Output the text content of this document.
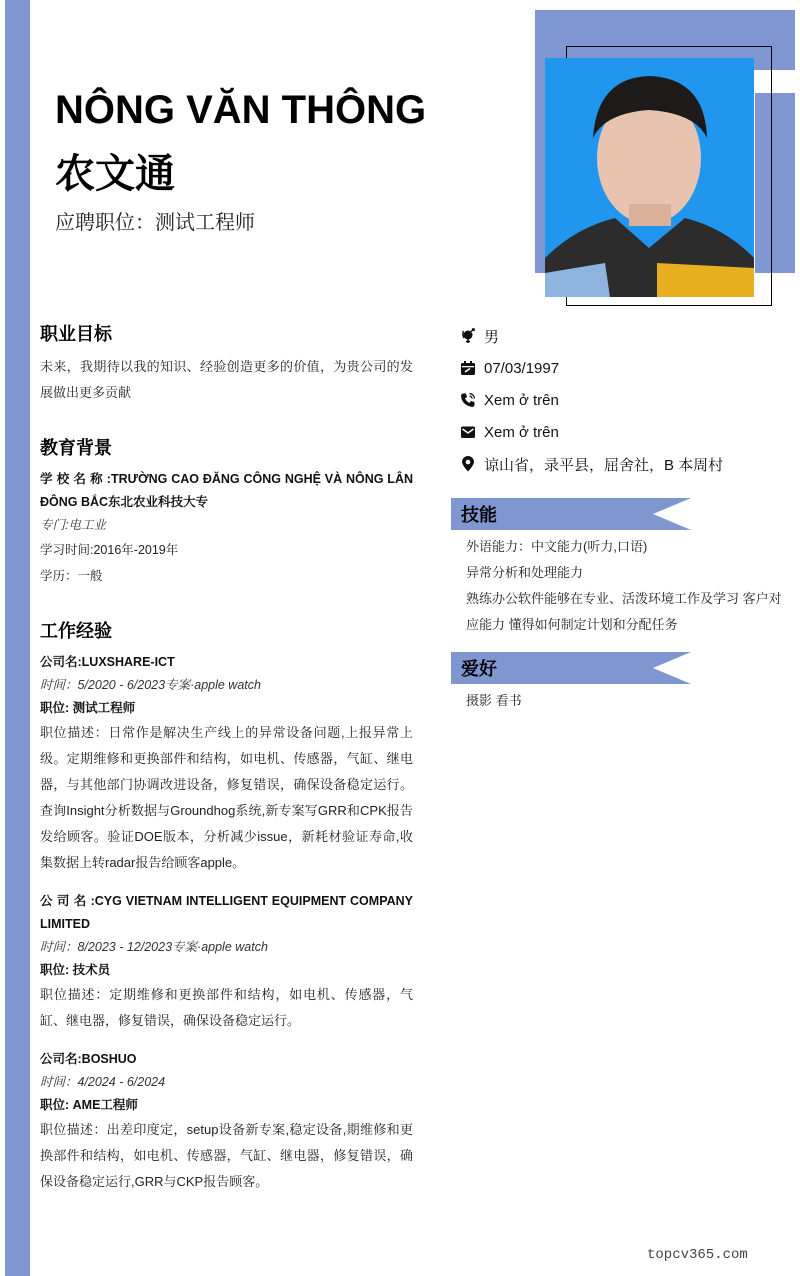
NÔNG VĂN THÔNG
农文通
应聘职位：测试工程师
职业目标
未来，我期待以我的知识、经验创造更多的价值，为贵公司的发展做出更多贡献
教育背景
学 校 名 称 :TRƯỜNG CAO ĐĂNG CÔNG NGHỆ VÀ NÔNG LÂN ĐÔNG BẮC东北农业科技大专
专门:电工业
学习时间:2016年-2019年
学历：一般
工作经验
公司名:LUXSHARE-ICT
时间：5/2020 - 6/2023专案·apple watch
职位: 测试工程师
职位描述：日常作是解决生产线上的异常设备问题,上报异常上级。定期维修和更换部件和结构，如电机、传感器，气缸、继电器，与其他部门协调改进设备，修复错误，确保设备稳定运行。查询Insight分析数据与Groundhog系统,新专案写GRR和CPK报告发给顾客。验证DOE版本，分析减少issue，新耗材验证寿命,收集数据上转radar报告给顾客apple。
公 司 名 :CYG VIETNAM INTELLIGENT EQUIPMENT COMPANY LIMITED
时间：8/2023 - 12/2023专案·apple watch
职位: 技术员
职位描述：定期维修和更换部件和结构，如电机、传感器，气缸、继电器，修复错误，确保设备稳定运行。
公司名:BOSHUO
时间：4/2024 - 6/2024
职位: AME工程师
职位描述：出差印度定，setup设备新专案,稳定设备,期维修和更换部件和结构，如电机、传感器，气缸、继电器，修复错误，确保设备稳定运行,GRR与CKP报告顾客。
男
07/03/1997
Xem ở trên
Xem ở trên
谅山省，录平县，屈舍社，B 本周村
技能
外语能力：中文能力(听力,口语)
异常分析和处理能力
熟练办公软件能够在专业、活泼环境工作及学习 客户对应能力 懂得如何制定计划和分配任务
爱好
摄影 看书
topcv365.com
